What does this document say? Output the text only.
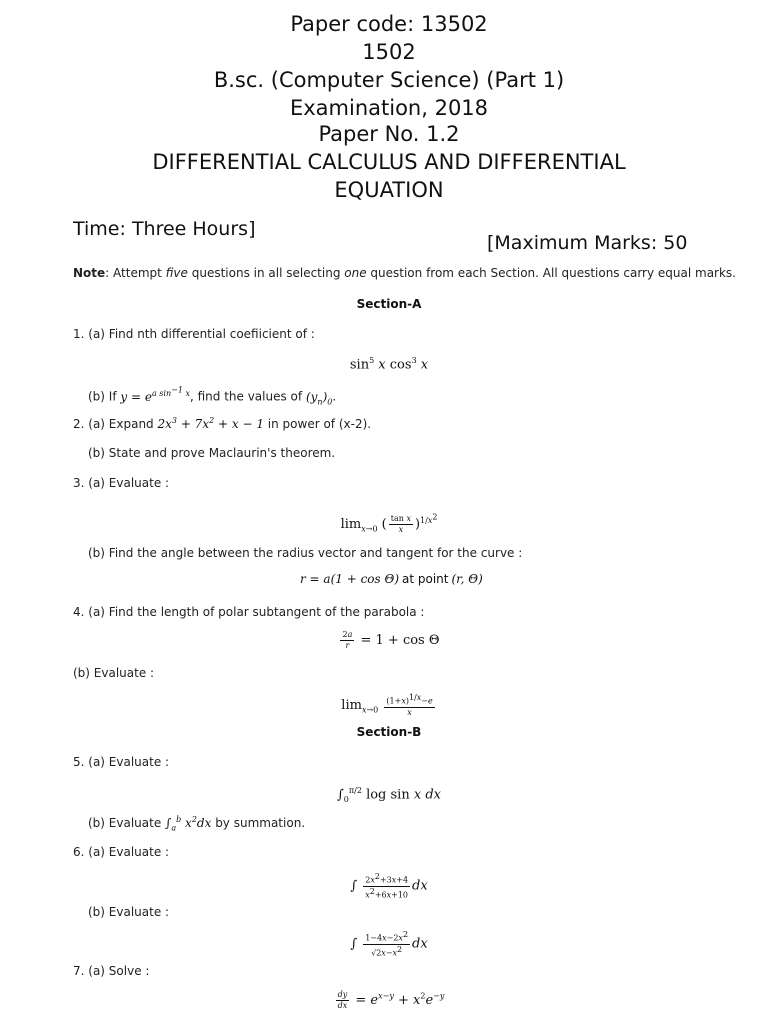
Paper code: 13502
1502
B.sc. (Computer Science) (Part 1)
Examination, 2018
Paper No. 1.2
DIFFERENTIAL CALCULUS AND DIFFERENTIAL
EQUATION
Time: Three Hours]
[Maximum Marks: 50
Note: Attempt five questions in all selecting one question from each Section. All questions carry equal marks.
Section-A
1. (a) Find nth differential coefiicient of :
$\sin^5 x$ $\cos^3 x$
(b) If $y = e^{a sin^{-1} x}$, find the values of $(y_n)_0$.
2. (a) Expand $2x^3 + 7x^2 + x - 1$ in power of (x-2).
(b) State and prove Maclaurin's theorem.
3. (a) Evaluate :
$\lim_{x\to 0}$ ( $\frac{\text{tan x}}{x} )^{1/x^2}$
(b) Find the angle between the radius vector and tangent for the curve :
r = a(1 + cos Θ) at point (r, Θ)
4. (a) Find the length of polar subtangent of the parabola :
$\frac{2a}{r} = 1 + \cos \Theta$
(b) Evaluate :
$\lim_{x\to 0} \frac{(1+x)^{1/x}-e}{x}$
Section-B
5. (a) Evaluate :
$\int_0^{\pi/2}$ log sin x dx
(b) Evaluate $\int_a^b$ $x^2dx$ by summation.
6. (a) Evaluate :
∫ $\frac{2x^2+3x+4}{x^2+6x+10}$ dx
(b) Evaluate :
∫ $\frac{1-4x-2x^2}{√2x-x^2}$ dx
7. (a) Solve :
$\frac{dy}{dx} = e^{x-y} + x^2e^{-y}$
